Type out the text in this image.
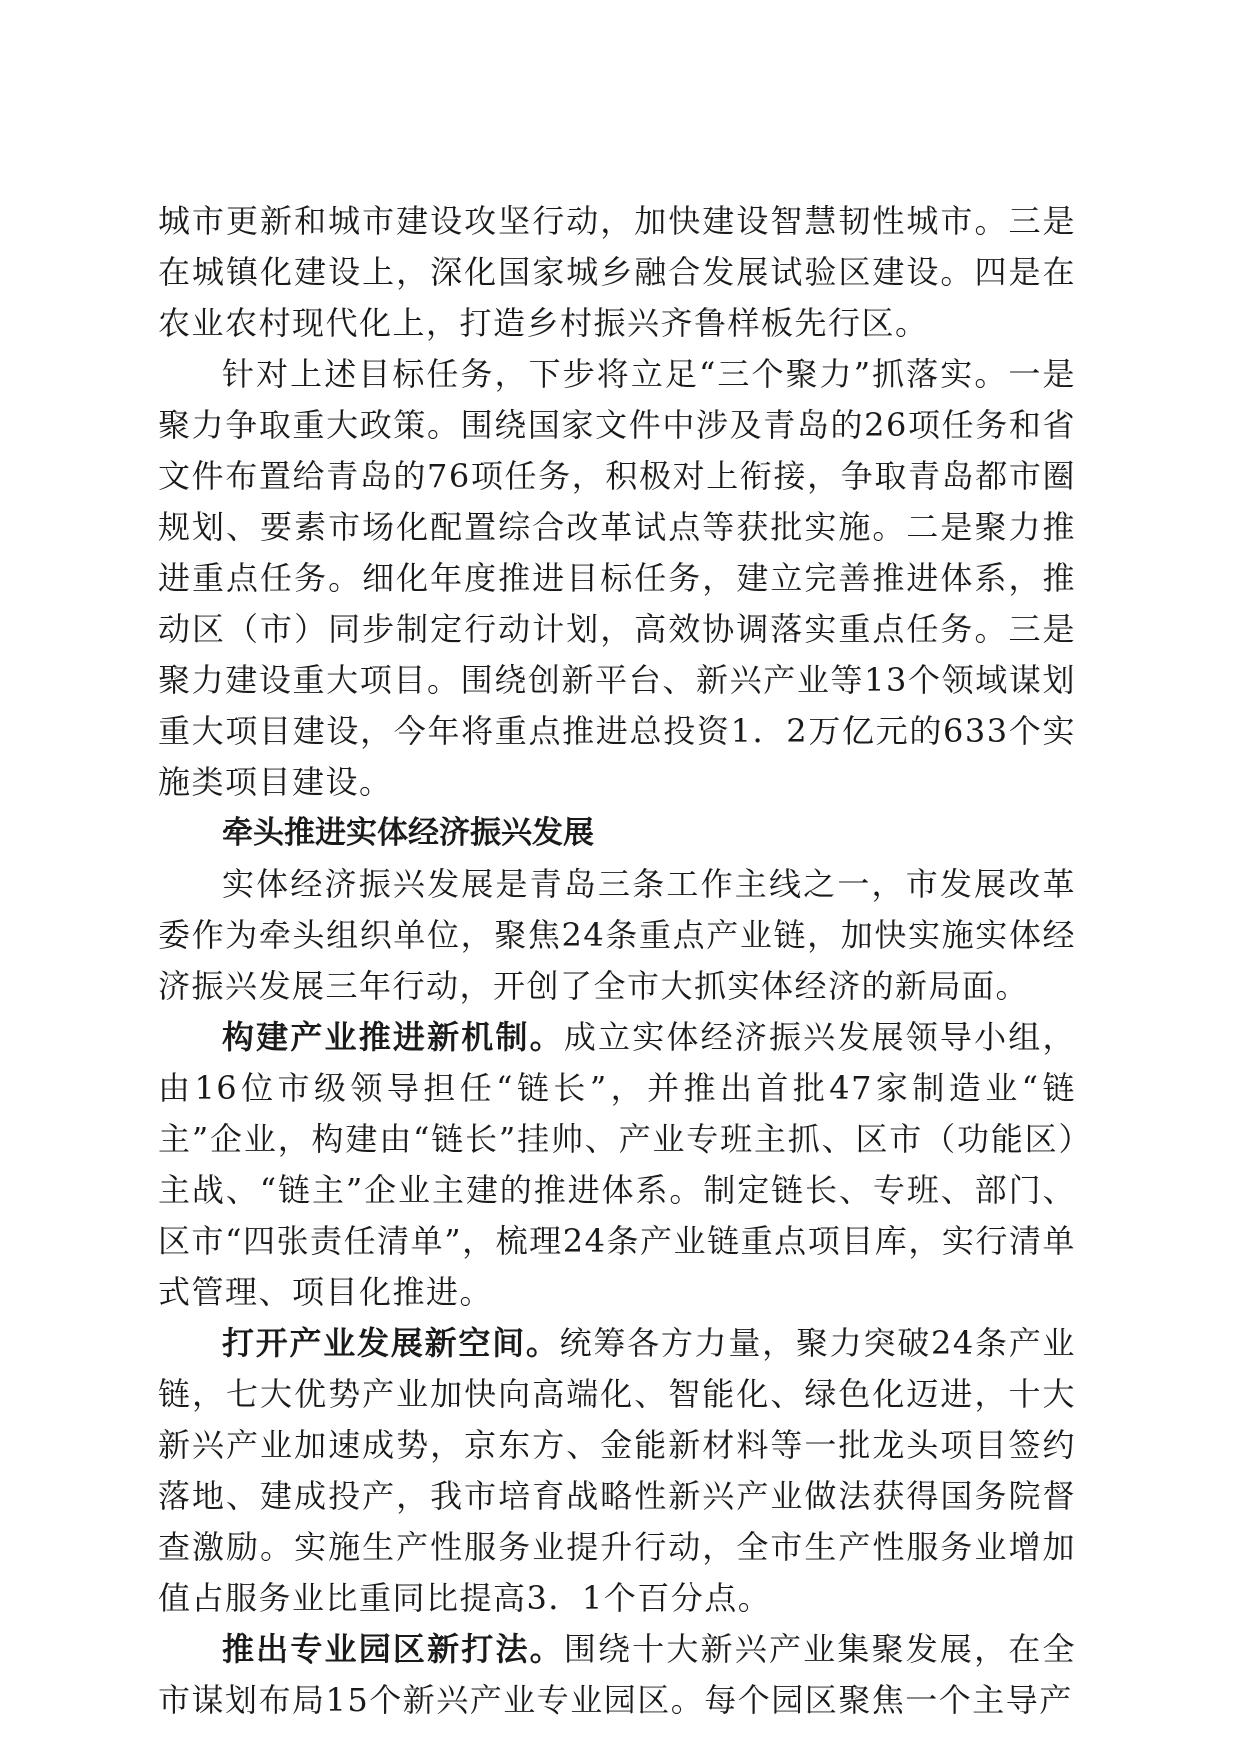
城市更新和城市建设攻坚行动，加快建设智慧韧性城市。三是在城镇化建设上，深化国家城乡融合发展试验区建设。四是在农业农村现代化上，打造乡村振兴齐鲁样板先行区。

针对上述目标任务，下步将立足“三个聚力”抓落实。一是聚力争取重大政策。围绕国家文件中涉及青岛的26项任务和省文件布置给青岛的76项任务，积极对上衔接，争取青岛都市圈规划、要素市场化配置综合改革试点等获批实施。二是聚力推进重点任务。细化年度推进目标任务，建立完善推进体系，推动区（市）同步制定行动计划，高效协调落实重点任务。三是聚力建设重大项目。围绕创新平台、新兴产业等13个领域谋划重大项目建设，今年将重点推进总投资1．2万亿元的633个实施类项目建设。

牵头推进实体经济振兴发展

实体经济振兴发展是青岛三条工作主线之一，市发展改革委作为牵头组织单位，聚焦24条重点产业链，加快实施实体经济振兴发展三年行动，开创了全市大抓实体经济的新局面。

构建产业推进新机制。成立实体经济振兴发展领导小组，由16位市级领导担任“链长”，并推出首批47家制造业“链主”企业，构建由“链长”挂帅、产业专班主抓、区市（功能区）主战、“链主”企业主建的推进体系。制定链长、专班、部门、区市“四张责任清单”，梳理24条产业链重点项目库，实行清单式管理、项目化推进。

打开产业发展新空间。统筹各方力量，聚力突破24条产业链，七大优势产业加快向高端化、智能化、绿色化迈进，十大新兴产业加速成势，京东方、金能新材料等一批龙头项目签约落地、建成投产，我市培育战略性新兴产业做法获得国务院督查激励。实施生产性服务业提升行动，全市生产性服务业增加值占服务业比重同比提高3．1个百分点。

推出专业园区新打法。围绕十大新兴产业集聚发展，在全市谋划布局15个新兴产业专业园区。每个园区聚焦一个主导产
